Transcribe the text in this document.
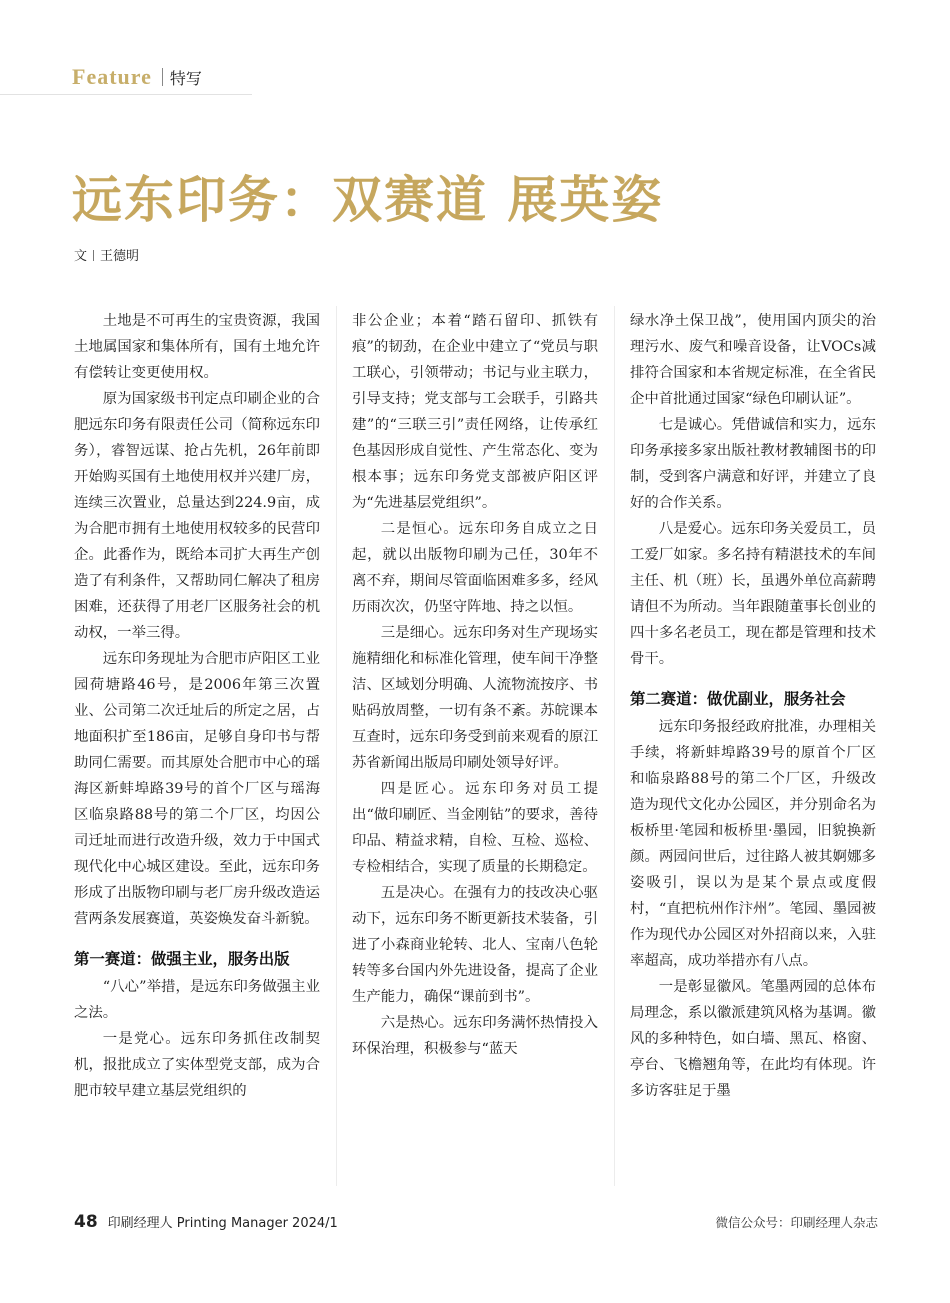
Feature 特写
远东印务：双赛道 展英姿
文 王德明

土地是不可再生的宝贵资源，我国土地属国家和集体所有，国有土地允许有偿转让变更使用权。

原为国家级书刊定点印刷企业的合肥远东印务有限责任公司（简称远东印务），睿智远谋、抢占先机，26年前即开始购买国有土地使用权并兴建厂房，连续三次置业，总量达到224.9亩，成为合肥市拥有土地使用权较多的民营印企。此番作为，既给本司扩大再生产创造了有利条件，又帮助同仁解决了租房困难，还获得了用老厂区服务社会的机动权，一举三得。

远东印务现址为合肥市庐阳区工业园荷塘路46号，是2006年第三次置业、公司第二次迁址后的所定之居，占地面积扩至186亩，足够自身印书与帮助同仁需要。而其原处合肥市中心的瑶海区新蚌埠路39号的首个厂区与瑶海区临泉路88号的第二个厂区，均因公司迁址而进行改造升级，效力于中国式现代化中心城区建设。至此，远东印务形成了出版物印刷与老厂房升级改造运营两条发展赛道，英姿焕发奋斗新貌。

第一赛道：做强主业，服务出版

“八心”举措，是远东印务做强主业之法。

一是党心。远东印务抓住改制契机，报批成立了实体型党支部，成为合肥市较早建立基层党组织的

非公企业；本着“踏石留印、抓铁有痕”的韧劲，在企业中建立了“党员与职工联心，引领带动；书记与业主联力，引导支持；党支部与工会联手，引路共建”的“三联三引”责任网络，让传承红色基因形成自觉性、产生常态化、变为根本事；远东印务党支部被庐阳区评为“先进基层党组织”。

二是恒心。远东印务自成立之日起，就以出版物印刷为己任，30年不离不弃，期间尽管面临困难多多，经风历雨次次，仍坚守阵地、持之以恒。

三是细心。远东印务对生产现场实施精细化和标准化管理，使车间干净整洁、区域划分明确、人流物流按序、书贴码放周整，一切有条不紊。苏皖课本互查时，远东印务受到前来观看的原江苏省新闻出版局印刷处领导好评。

四是匠心。远东印务对员工提出“做印刷匠、当金刚钻”的要求，善待印品、精益求精，自检、互检、巡检、专检相结合，实现了质量的长期稳定。

五是决心。在强有力的技改决心驱动下，远东印务不断更新技术装备，引进了小森商业轮转、北人、宝南八色轮转等多台国内外先进设备，提高了企业生产能力，确保“课前到书”。

六是热心。远东印务满怀热情投入环保治理，积极参与“蓝天

绿水净土保卫战”，使用国内顶尖的治理污水、废气和噪音设备，让VOCs减排符合国家和本省规定标准，在全省民企中首批通过国家“绿色印刷认证”。

七是诚心。凭借诚信和实力，远东印务承接多家出版社教材教辅图书的印制，受到客户满意和好评，并建立了良好的合作关系。

八是爱心。远东印务关爱员工，员工爱厂如家。多名持有精湛技术的车间主任、机（班）长，虽遇外单位高薪聘请但不为所动。当年跟随董事长创业的四十多名老员工，现在都是管理和技术骨干。

第二赛道：做优副业，服务社会

远东印务报经政府批准，办理相关手续，将新蚌埠路39号的原首个厂区和临泉路88号的第二个厂区，升级改造为现代文化办公园区，并分别命名为板桥里·笔园和板桥里·墨园，旧貌换新颜。两园问世后，过往路人被其婀娜多姿吸引，误以为是某个景点或度假村，“直把杭州作汴州”。笔园、墨园被作为现代办公园区对外招商以来，入驻率超高，成功举措亦有八点。

一是彰显徽风。笔墨两园的总体布局理念，系以徽派建筑风格为基调。徽风的多种特色，如白墙、黑瓦、格窗、亭台、飞檐翘角等，在此均有体现。许多访客驻足于墨

48 印刷经理人 Printing Manager 2024/1	微信公众号：印刷经理人杂志
